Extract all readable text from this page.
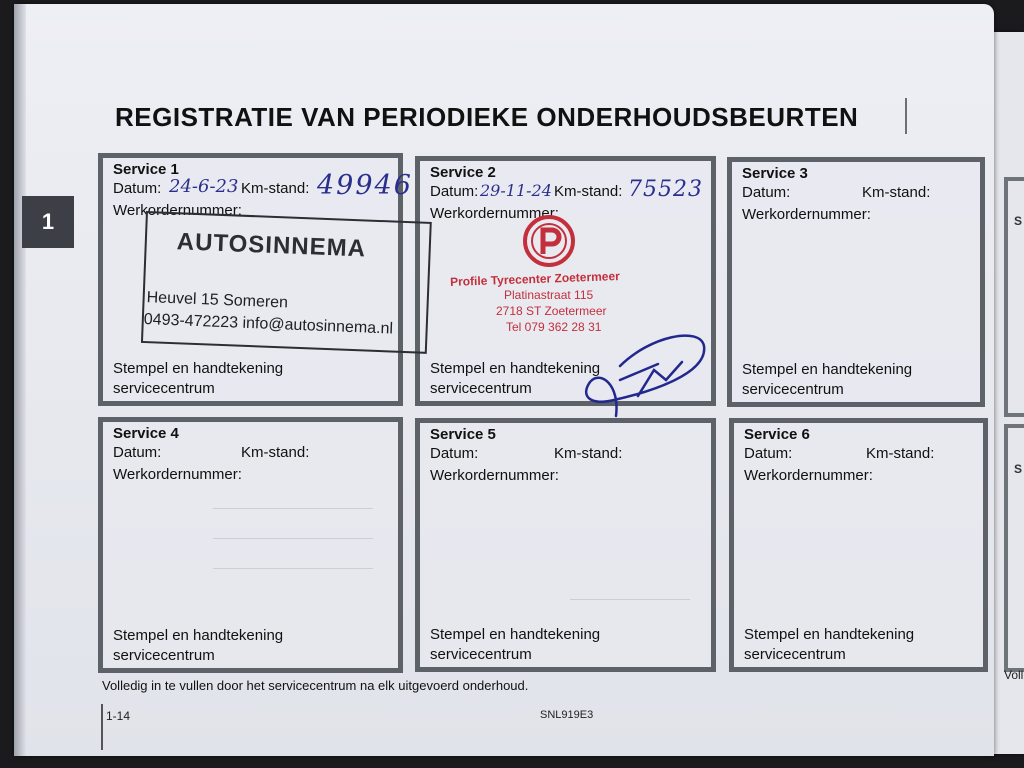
S
S
Voll
1
REGISTRATIE VAN PERIODIEKE ONDERHOUDSBEURTEN
Service 1
Datum:	Km-stand:
Werkordernummer:
24-6-23	49946
Stempel en handtekening
servicecentrum
Service 2
Datum:	Km-stand:
Werkordernummer:
29-11-24	75523
Stempel en handtekening
servicecentrum
Service 3
Datum:	Km-stand:
Werkordernummer:
Stempel en handtekening
servicecentrum
Service 4
Datum:	Km-stand:
Werkordernummer:
Stempel en handtekening
servicecentrum
Service 5
Datum:	Km-stand:
Werkordernummer:
Stempel en handtekening
servicecentrum
Service 6
Datum:	Km-stand:
Werkordernummer:
Stempel en handtekening
servicecentrum
AUTOSINNEMA
Heuvel 15 Someren
0493-472223 info@autosinnema.nl
Profile Tyrecenter Zoetermeer
Platinastraat 115
2718 ST Zoetermeer
Tel 079 362 28 31
Volledig in te vullen door het servicecentrum na elk uitgevoerd onderhoud.
1-14	SNL919E3
